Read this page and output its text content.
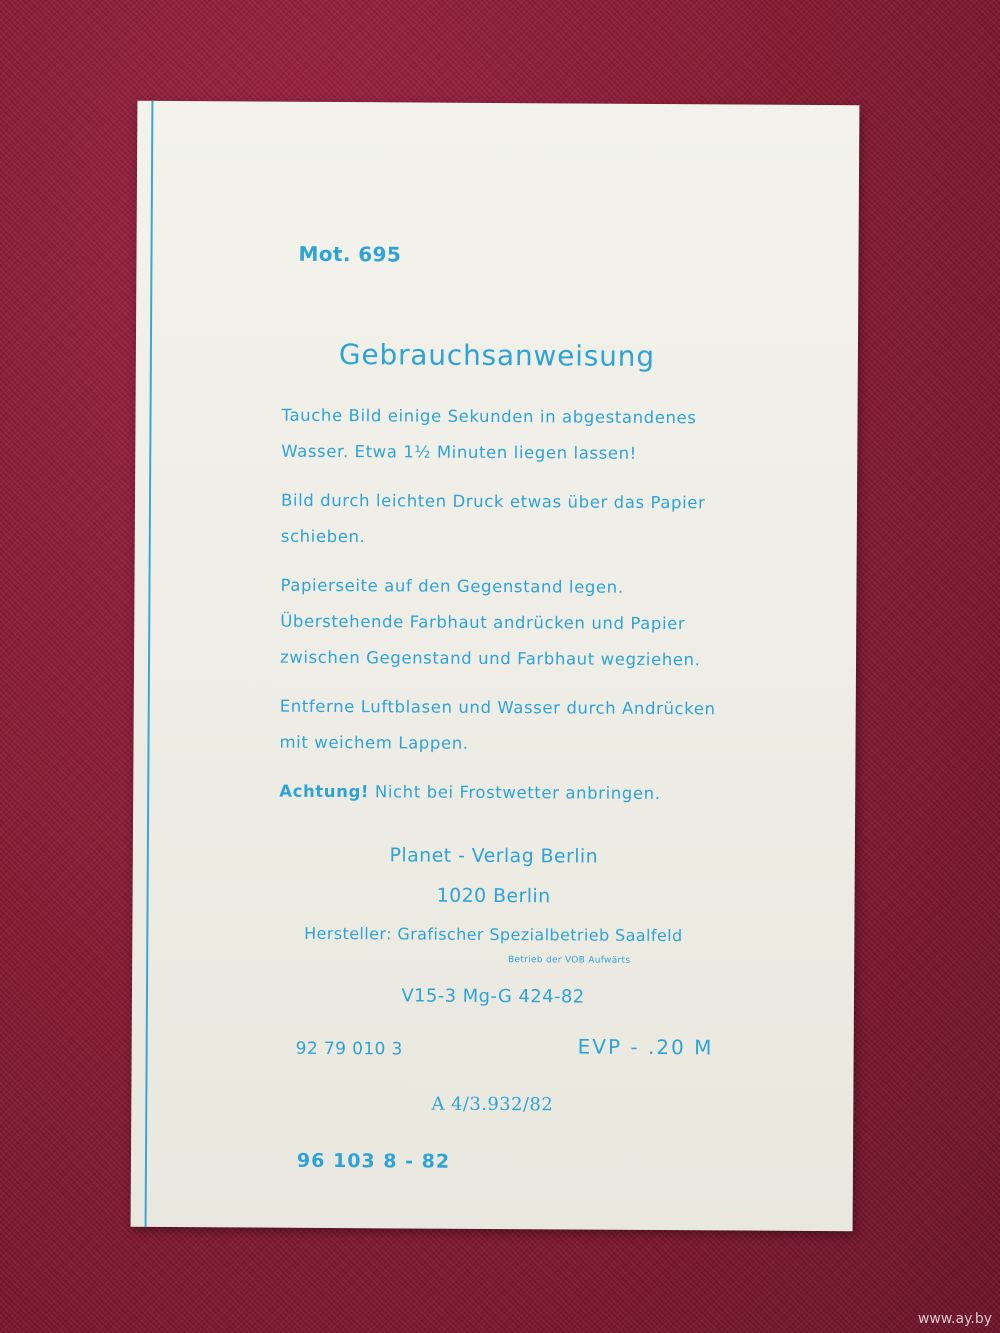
Mot. 695
Gebrauchsanweisung
Tauche Bild einige Sekunden in abgestandenes
Wasser. Etwa 1½ Minuten liegen lassen!
Bild durch leichten Druck etwas über das Papier
schieben.
Papierseite auf den Gegenstand legen.
Überstehende Farbhaut andrücken und Papier
zwischen Gegenstand und Farbhaut wegziehen.
Entferne Luftblasen und Wasser durch Andrücken
mit weichem Lappen.
Achtung! Nicht bei Frostwetter anbringen.
Planet - Verlag Berlin
1020 Berlin
Hersteller: Grafischer Spezialbetrieb Saalfeld
Betrieb der VOB Aufwärts
V15-3 Mg-G 424-82
92 79 010 3	EVP - .20 M
A 4/3.932/82
96 103 8 - 82
www.ay.by
